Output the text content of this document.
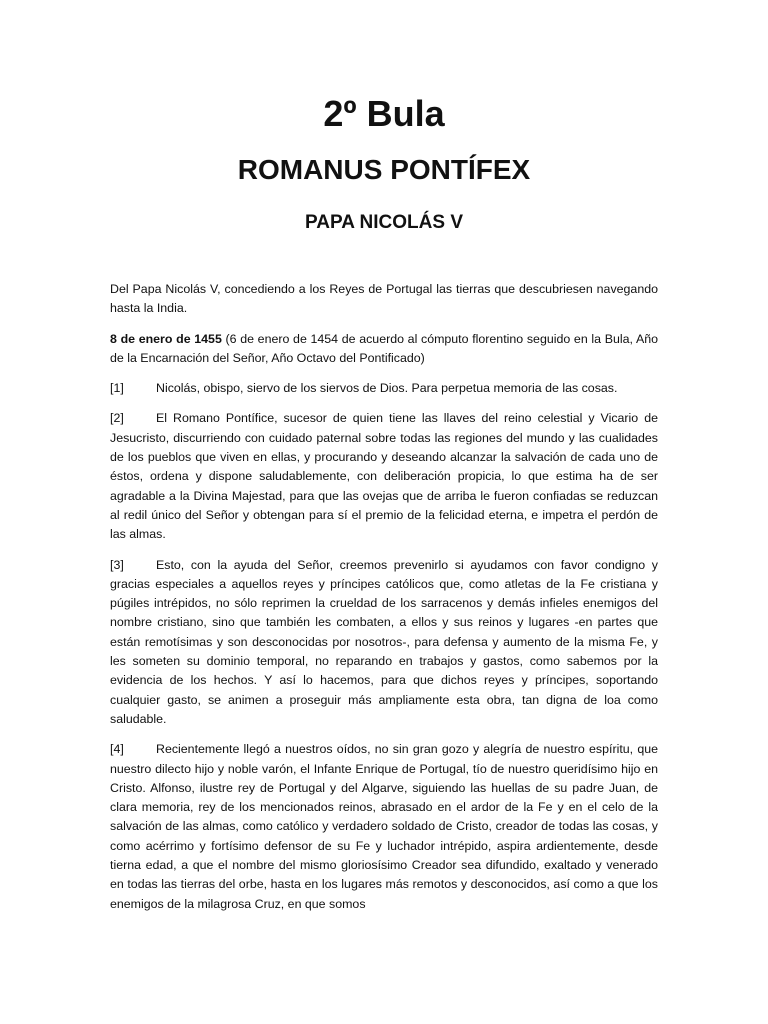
2º Bula
ROMANUS PONTÍFEX
PAPA NICOLÁS V

Del Papa Nicolás V, concediendo a los Reyes de Portugal las tierras que descubriesen navegando hasta la India.

8 de enero de 1455 (6 de enero de 1454 de acuerdo al cómputo florentino seguido en la Bula, Año de la Encarnación del Señor, Año Octavo del Pontificado)

[1]	Nicolás, obispo, siervo de los siervos de Dios. Para perpetua memoria de las cosas.

[2]	El Romano Pontífice, sucesor de quien tiene las llaves del reino celestial y Vicario de Jesucristo, discurriendo con cuidado paternal sobre todas las regiones del mundo y las cualidades de los pueblos que viven en ellas, y procurando y deseando alcanzar la salvación de cada uno de éstos, ordena y dispone saludablemente, con deliberación propicia, lo que estima ha de ser agradable a la Divina Majestad, para que las ovejas que de arriba le fueron confiadas se reduzcan al redil único del Señor y obtengan para sí el premio de la felicidad eterna, e impetra el perdón de las almas.

[3]	Esto, con la ayuda del Señor, creemos prevenirlo si ayudamos con favor condigno y gracias especiales a aquellos reyes y príncipes católicos que, como atletas de la Fe cristiana y púgiles intrépidos, no sólo reprimen la crueldad de los sarracenos y demás infieles enemigos del nombre cristiano, sino que también les combaten, a ellos y sus reinos y lugares -en partes que están remotísimas y son desconocidas por nosotros-, para defensa y aumento de la misma Fe, y les someten su dominio temporal, no reparando en trabajos y gastos, como sabemos por la evidencia de los hechos. Y así lo hacemos, para que dichos reyes y príncipes, soportando cualquier gasto, se animen a proseguir más ampliamente esta obra, tan digna de loa como saludable.

[4]	Recientemente llegó a nuestros oídos, no sin gran gozo y alegría de nuestro espíritu, que nuestro dilecto hijo y noble varón, el Infante Enrique de Portugal, tío de nuestro queridísimo hijo en Cristo. Alfonso, ilustre rey de Portugal y del Algarve, siguiendo las huellas de su padre Juan, de clara memoria, rey de los mencionados reinos, abrasado en el ardor de la Fe y en el celo de la salvación de las almas, como católico y verdadero soldado de Cristo, creador de todas las cosas, y como acérrimo y fortísimo defensor de su Fe y luchador intrépido, aspira ardientemente, desde tierna edad, a que el nombre del mismo gloriosísimo Creador sea difundido, exaltado y venerado en todas las tierras del orbe, hasta en los lugares más remotos y desconocidos, así como a que los enemigos de la milagrosa Cruz, en que somos
